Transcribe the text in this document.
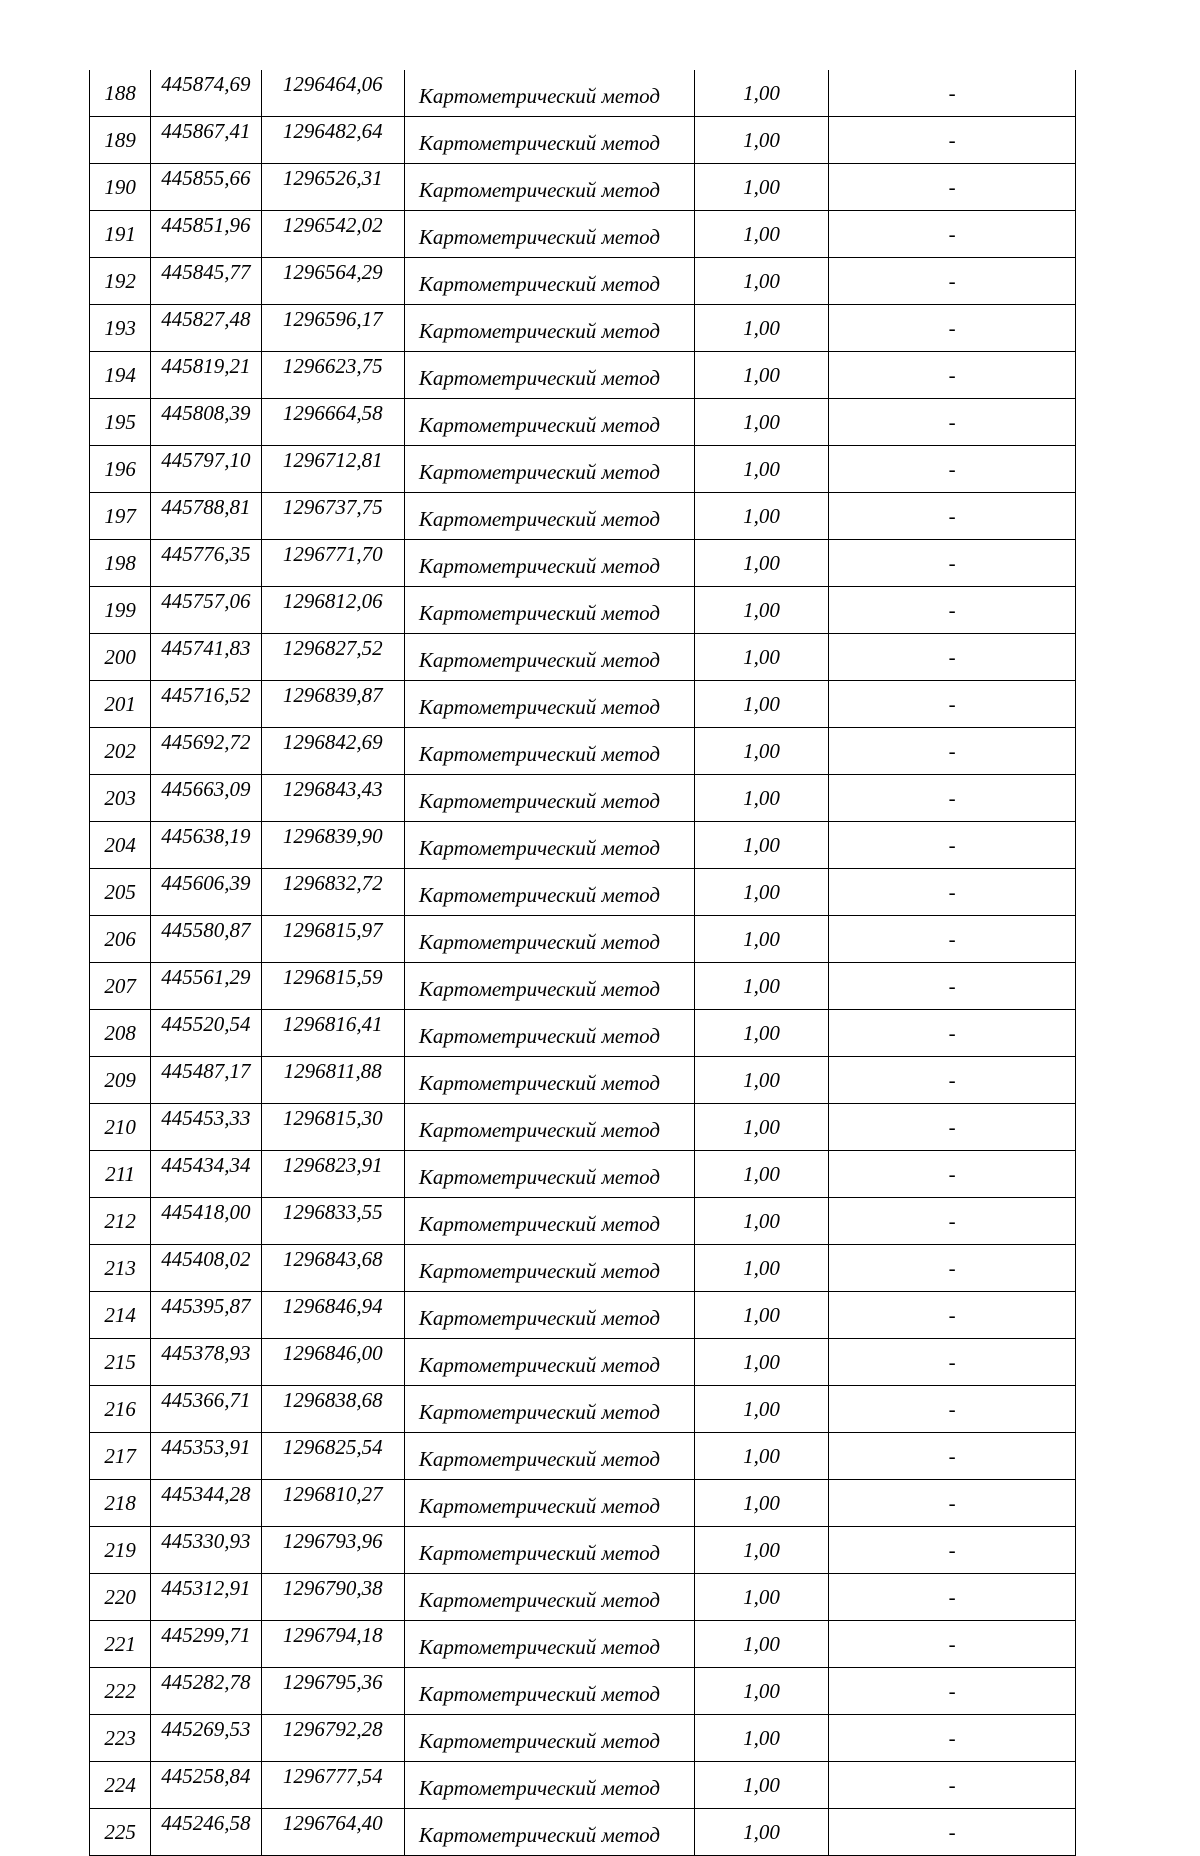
188	445874,69	1296464,06	Картометрический метод	1,00	-
189	445867,41	1296482,64	Картометрический метод	1,00	-
190	445855,66	1296526,31	Картометрический метод	1,00	-
191	445851,96	1296542,02	Картометрический метод	1,00	-
192	445845,77	1296564,29	Картометрический метод	1,00	-
193	445827,48	1296596,17	Картометрический метод	1,00	-
194	445819,21	1296623,75	Картометрический метод	1,00	-
195	445808,39	1296664,58	Картометрический метод	1,00	-
196	445797,10	1296712,81	Картометрический метод	1,00	-
197	445788,81	1296737,75	Картометрический метод	1,00	-
198	445776,35	1296771,70	Картометрический метод	1,00	-
199	445757,06	1296812,06	Картометрический метод	1,00	-
200	445741,83	1296827,52	Картометрический метод	1,00	-
201	445716,52	1296839,87	Картометрический метод	1,00	-
202	445692,72	1296842,69	Картометрический метод	1,00	-
203	445663,09	1296843,43	Картометрический метод	1,00	-
204	445638,19	1296839,90	Картометрический метод	1,00	-
205	445606,39	1296832,72	Картометрический метод	1,00	-
206	445580,87	1296815,97	Картометрический метод	1,00	-
207	445561,29	1296815,59	Картометрический метод	1,00	-
208	445520,54	1296816,41	Картометрический метод	1,00	-
209	445487,17	1296811,88	Картометрический метод	1,00	-
210	445453,33	1296815,30	Картометрический метод	1,00	-
211	445434,34	1296823,91	Картометрический метод	1,00	-
212	445418,00	1296833,55	Картометрический метод	1,00	-
213	445408,02	1296843,68	Картометрический метод	1,00	-
214	445395,87	1296846,94	Картометрический метод	1,00	-
215	445378,93	1296846,00	Картометрический метод	1,00	-
216	445366,71	1296838,68	Картометрический метод	1,00	-
217	445353,91	1296825,54	Картометрический метод	1,00	-
218	445344,28	1296810,27	Картометрический метод	1,00	-
219	445330,93	1296793,96	Картометрический метод	1,00	-
220	445312,91	1296790,38	Картометрический метод	1,00	-
221	445299,71	1296794,18	Картометрический метод	1,00	-
222	445282,78	1296795,36	Картометрический метод	1,00	-
223	445269,53	1296792,28	Картометрический метод	1,00	-
224	445258,84	1296777,54	Картометрический метод	1,00	-
225	445246,58	1296764,40	Картометрический метод	1,00	-
